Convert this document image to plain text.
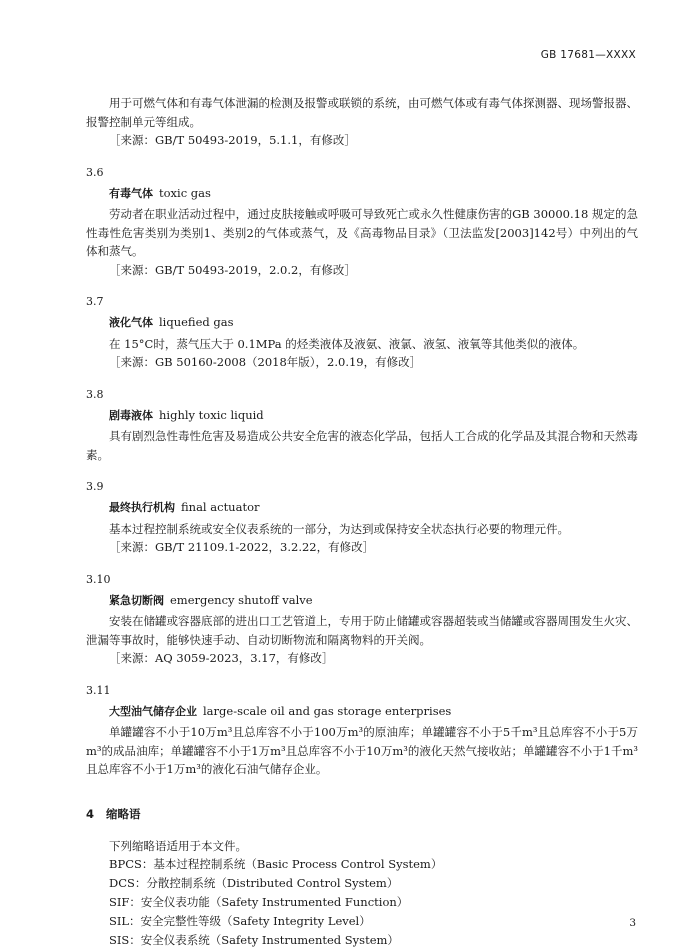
GB 17681—XXXX

用于可燃气体和有毒气体泄漏的检测及报警或联锁的系统，由可燃气体或有毒气体探测器、现场警报器、报警控制单元等组成。

［来源：GB/T 50493-2019，5.1.1，有修改］

3.6
有毒气体 toxic gas

劳动者在职业活动过程中，通过皮肤接触或呼吸可导致死亡或永久性健康伤害的GB 30000.18 规定的急性毒性危害类别为类别1、类别2的气体或蒸气，及《高毒物品目录》（卫法监发[2003]142号）中列出的气体和蒸气。

［来源：GB/T 50493-2019，2.0.2，有修改］

3.7
液化气体 liquefied gas

在 15°C时，蒸气压大于 0.1MPa 的烃类液体及液氨、液氯、液氢、液氧等其他类似的液体。

［来源：GB 50160-2008（2018年版），2.0.19，有修改］

3.8
剧毒液体 highly toxic liquid

具有剧烈急性毒性危害及易造成公共安全危害的液态化学品，包括人工合成的化学品及其混合物和天然毒素。

3.9
最终执行机构 final actuator

基本过程控制系统或安全仪表系统的一部分，为达到或保持安全状态执行必要的物理元件。

［来源：GB/T 21109.1-2022，3.2.22，有修改］

3.10
紧急切断阀 emergency shutoff valve

安装在储罐或容器底部的进出口工艺管道上，专用于防止储罐或容器超装或当储罐或容器周围发生火灾、泄漏等事故时，能够快速手动、自动切断物流和隔离物料的开关阀。

［来源：AQ 3059-2023，3.17，有修改］

3.11
大型油气储存企业 large-scale oil and gas storage enterprises

单罐罐容不小于10万m³且总库容不小于100万m³的原油库；单罐罐容不小于5千m³且总库容不小于5万m³的成品油库；单罐罐容不小于1万m³且总库容不小于10万m³的液化天然气接收站；单罐罐容不小于1千m³且总库容不小于1万m³的液化石油气储存企业。

4 缩略语

下列缩略语适用于本文件。

BPCS：基本过程控制系统（Basic Process Control System）

DCS：分散控制系统（Distributed Control System）

SIF：安全仪表功能（Safety Instrumented Function）

SIL：安全完整性等级（Safety Integrity Level）

SIS：安全仪表系统（Safety Instrumented System）

3
